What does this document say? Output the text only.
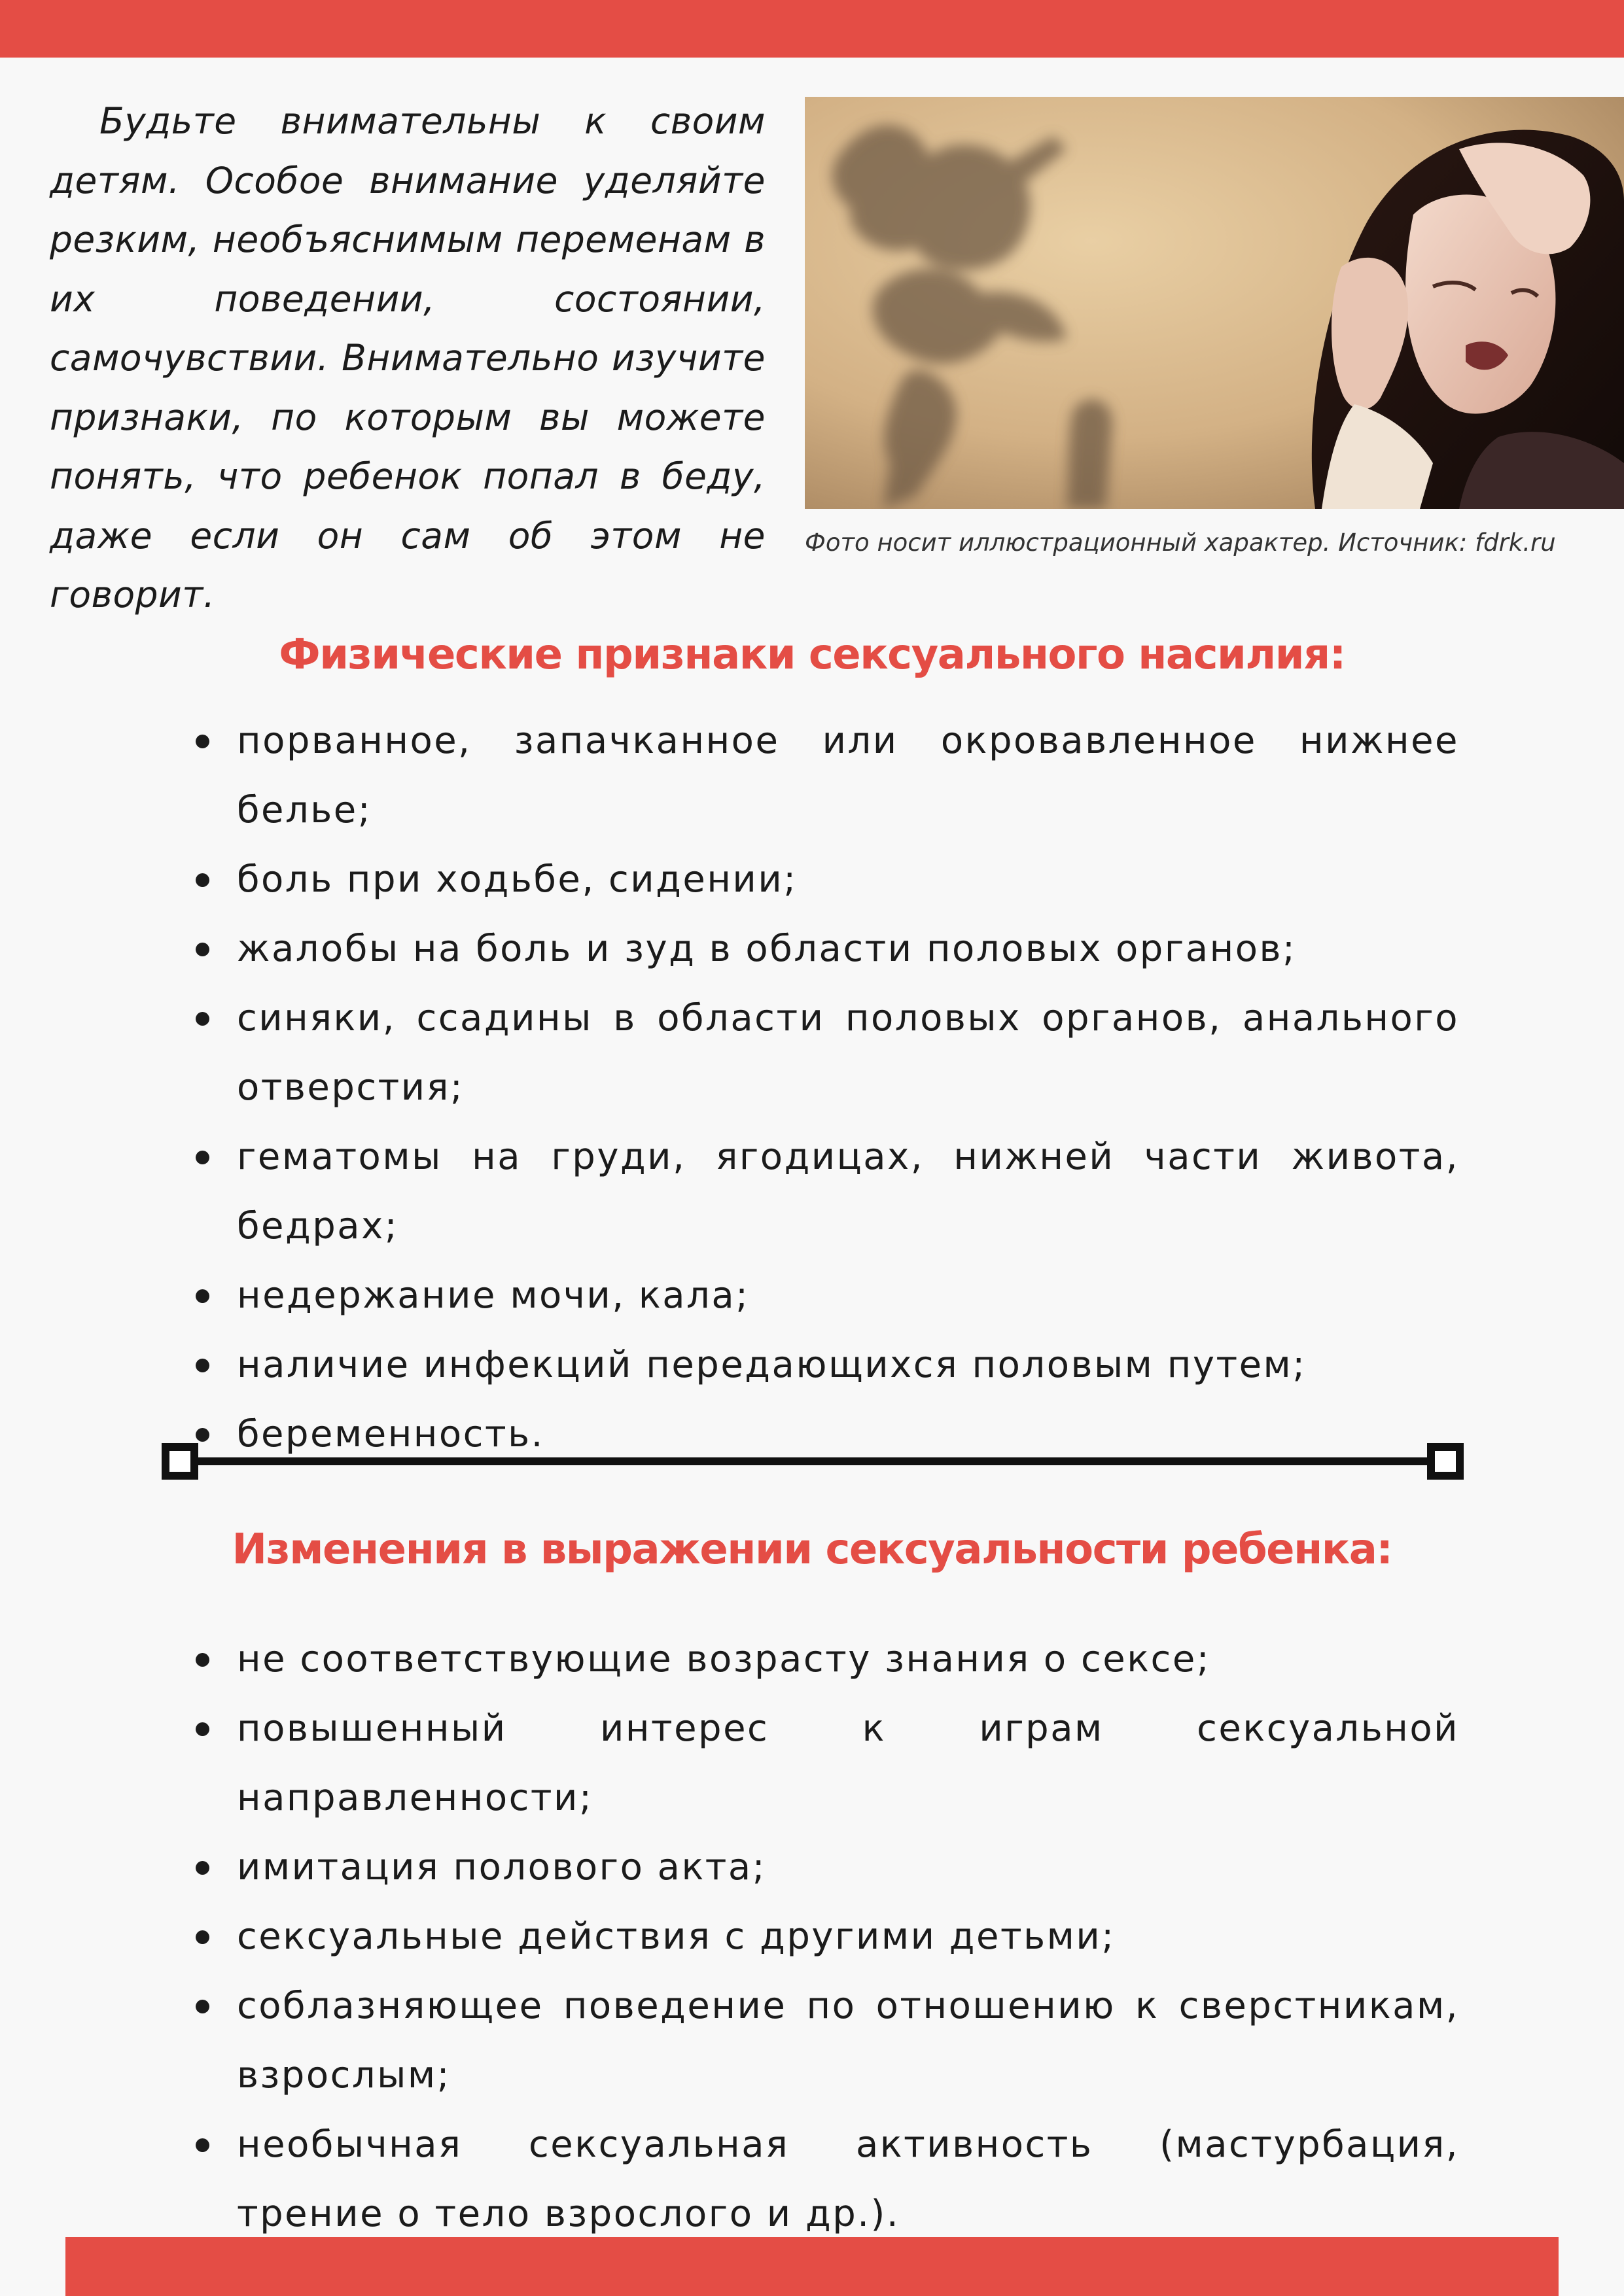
Будьте внимательны к своим детям. Особое внимание уделяйте резким, необъяснимым переменам в их поведении, состоянии, самочувствии. Внимательно изучите признаки, по которым вы можете понять, что ребенок попал в беду, даже если он сам об этом не говорит.

Фото носит иллюстрационный характер. Источник: fdrk.ru
Физические признаки сексуального насилия:
порванное, запачканное или окровавленное нижнее белье;
боль при ходьбе, сидении;
жалобы на боль и зуд в области половых органов;
синяки, ссадины в области половых органов, анального отверстия;
гематомы на груди, ягодицах, нижней части живота, бедрах;
недержание мочи, кала;
наличие инфекций передающихся половым путем;
беременность.
Изменения в выражении сексуальности ребенка:
не соответствующие возрасту знания о сексе;
повышенный интерес к играм сексуальной направленности;
имитация полового акта;
сексуальные действия с другими детьми;
соблазняющее поведение по отношению к сверстникам, взрослым;
необычная сексуальная активность (мастурбация, трение о тело взрослого и др.).
